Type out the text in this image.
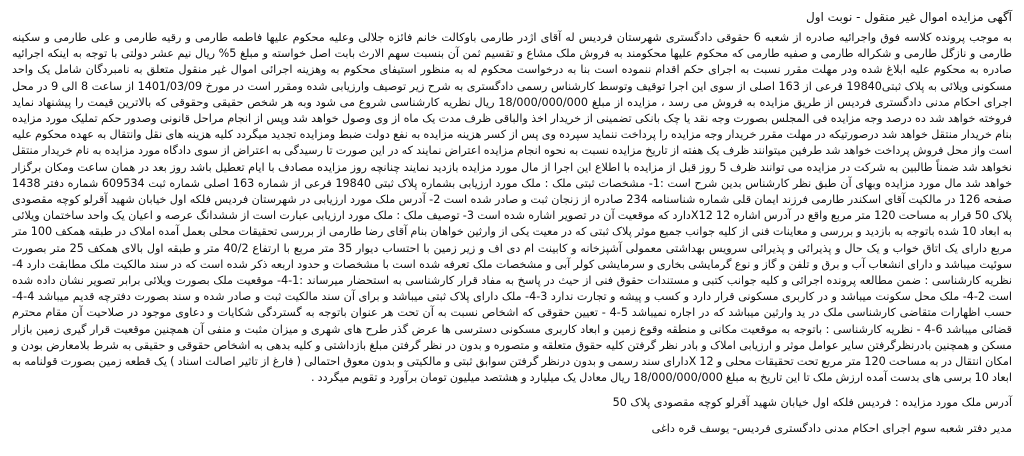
آگهی مزایده اموال غیر منقول - نوبت اول

به موجب پرونده کلاسه فوق واجرائیه صادره از شعبه 6 حقوقی دادگستری شهرستان فردیس له آقای اژدر طارمی باوکالت خانم فائزه جلالی وعلیه محکوم علیها فاطمه طارمی و رقیه طارمی و علی طارمی و سکینه طارمی و نازگل طارمی و شکراله طارمی و صفیه طارمی که محکوم علیها محکومند به فروش ملک مشاع و تقسیم ثمن آن بنسبت سهم الارث بابت اصل خواسته و مبلغ 5% ریال نیم عشر دولتی با توجه به اینکه اجرائیه صادره به محکوم علیه ابلاغ شده ودر مهلت مقرر نسبت به اجرای حکم اقدام ننموده است بنا به درخواست محکوم له به منظور استیفای محکوم به وهزینه اجرائی اموال غیر منقول متعلق به نامبردگان شامل یک واحد مسکونی ویلائی به پلاک ثبتی19840 فرعی از 163 اصلی از سوی این اجرا توقیف وتوسط کارشناس رسمی دادگستری به شرح زیر توصیف وارزیابی شده ومقرر است در مورخ 1401/03/09 از ساعت 8 الی 9 در محل اجرای احکام مدنی دادگستری فردیس از طریق مزایده به فروش می رسد ، مزایده از مبلغ 18/000/000/000 ریال نظریه کارشناسی شروع می شود وبه هر شخص حقیقی وحقوقی که بالاترین قیمت را پیشنهاد نماید فروخته خواهد شد ده درصد وجه مزایده فی المجلس بصورت وجه نقد یا چک بانکی تضمینی از خریدار اخذ والباقی ظرف مدت یک ماه از وی وصول خواهد شد وپس از انجام مراحل قانونی وصدور حکم تملیک مورد مزایده بنام خریدار منتقل خواهد شد درصورتیکه در مهلت مقرر خریدار وجه مزایده را پرداخت ننماید سپرده وی پس از کسر هزینه مزایده به نفع دولت ضبط ومزایده تجدید میگردد کلیه هزینه های نقل وانتقال به عهده محکوم علیه است واز محل فروش پرداخت خواهد شد طرفین میتوانند ظرف یک هفته از تاریخ مزایده نسبت به نحوه انجام مزایده اعتراض نمایند که در این صورت تا رسیدگی به اعتراض از سوی دادگاه مورد مزایده به نام خریدار منتقل نخواهد شد ضمناً طالبین به شرکت در مزایده می توانند ظرف 5 روز قبل از مزایده با اطلاع این اجرا از مال مورد مزایده بازدید نمایند چنانچه روز مزایده مصادف با ایام تعطیل باشد روز بعد در همان ساعت ومکان برگزار خواهد شد مال مورد مزایده وبهای آن طبق نظر کارشناس بدین شرح است :1- مشخصات ثبتی ملک : ملک مورد ارزیابی بشماره پلاک ثبتی 19840 فرعی از شماره 163 اصلی شماره ثبت 609534 شماره دفتر 1438 صفحه 126 در مالکیت آقای اسکندر طارمی فرزند ایمان قلی شماره شناسنامه 234 صادره از زنجان ثبت و صادر شده است 2- آدرس ملک مورد ارزیابی در شهرستان فردیس فلکه اول خیابان شهید آقرلو کوچه مقصودی پلاک 50 قرار به مساحت 120 متر مربع واقع در آدرس اشاره 12 X12دارد که موقعیت آن در تصویر اشاره شده است 3- توصیف ملک : ملک مورد ارزیابی عبارت است از ششدانگ عرصه و اعیان یک واحد ساختمان ویلائی به ابعاد 10 شده باتوجه به بازدید و بررسی و معاینات فنی از کلیه جوانب جمیع موثر پلاک ثبتی که در معیت یکی از وارثین خواهان بنام آقای رضا طارمی از بررسی تحقیقات محلی بعمل آمده املاک در طبقه همکف 100 متر مربع دارای یک اتاق خواب و یک حال و پذیرائی و پذیرائی سرویس بهداشتی معمولی آشپزخانه و کابینت ام دی اف و زیر زمین با احتساب دیوار 35 متر مربع با ارتفاع 40/2 متر و طبقه اول بالای همکف 25 متر بصورت سوئیت میباشد و دارای انشعاب آب و برق و تلفن و گاز و نوع گرمایشی بخاری و سرمایشی کولر آبی و مشخصات ملک تعرفه شده است با مشخصات و حدود اربعه ذکر شده است که در سند مالکیت ملک مطابقت دارد 4- نظریه کارشناسی : ضمن مطالعه پرونده اجرائی و کلیه جوانب کتبی و مستندات حقوق فنی از حیث در پاسخ به مفاد قرار کارشناسی به استحضار میرساند :1-4- موقعیت ملک بصورت ویلائی برابر تصویر نشان داده شده است 2-4- ملک محل سکونت میباشد و در کاربری مسکونی قرار دارد و کسب و پیشه و تجارت ندارد 3-4- ملک دارای پلاک ثبتی میباشد و برای آن سند مالکیت ثبت و صادر شده و سند بصورت دفترچه قدیم میباشد 4-4- حسب اظهارات متقاضی کارشناسی ملک در ید وارثین میباشد که در اجاره نمیباشد 5-4 - تعیین حقوقی که اشخاص نسبت به آن تحت هر عنوان باتوجه به گستردگی شکایات و دعاوی موجود در صلاحیت آن مقام محترم قضائی میباشد 6-4 - نظریه کارشناسی : باتوجه به موقعیت مکانی و منطقه وقوع زمین و ابعاد کاربری مسکونی دسترسی ها عرض گذر طرح های شهری و میزان مثبت و منفی آن همچنین موقعیت قرار گیری زمین بازار مسکن و همچنین بادرنظرگرفتن سایر عوامل موثر و ارزیابی املاک و بادر نظر گرفتن کلیه حقوق متعلقه و متصوره و بدون در نظر گرفتن مبلغ بازداشتی و کلیه بدهی به اشخاص حقوقی و حقیقی به شرط بلامعارض بودن و امکان انتقال در به مساحت 120 متر مربع تحت تحقیقات محلی و 12 Xدارای سند رسمی و بدون درنظر گرفتن سوابق ثبتی و مالکیتی و بدون معوق احتمالی ( فارغ از تاثیر اصالت اسناد ) یک قطعه زمین بصورت قولنامه به ابعاد 10 برسی های بدست آمده ارزش ملک تا این تاریخ به مبلغ 18/000/000/000 ریال معادل یک میلیارد و هشتصد میلیون تومان برآورد و تقویم میگردد .

آدرس ملک مورد مزایده : فردیس فلکه اول خیابان شهید آقرلو کوچه مقصودی پلاک 50
مدیر دفتر شعبه سوم اجرای احکام مدنی دادگستری فردیس- یوسف قره داغی
